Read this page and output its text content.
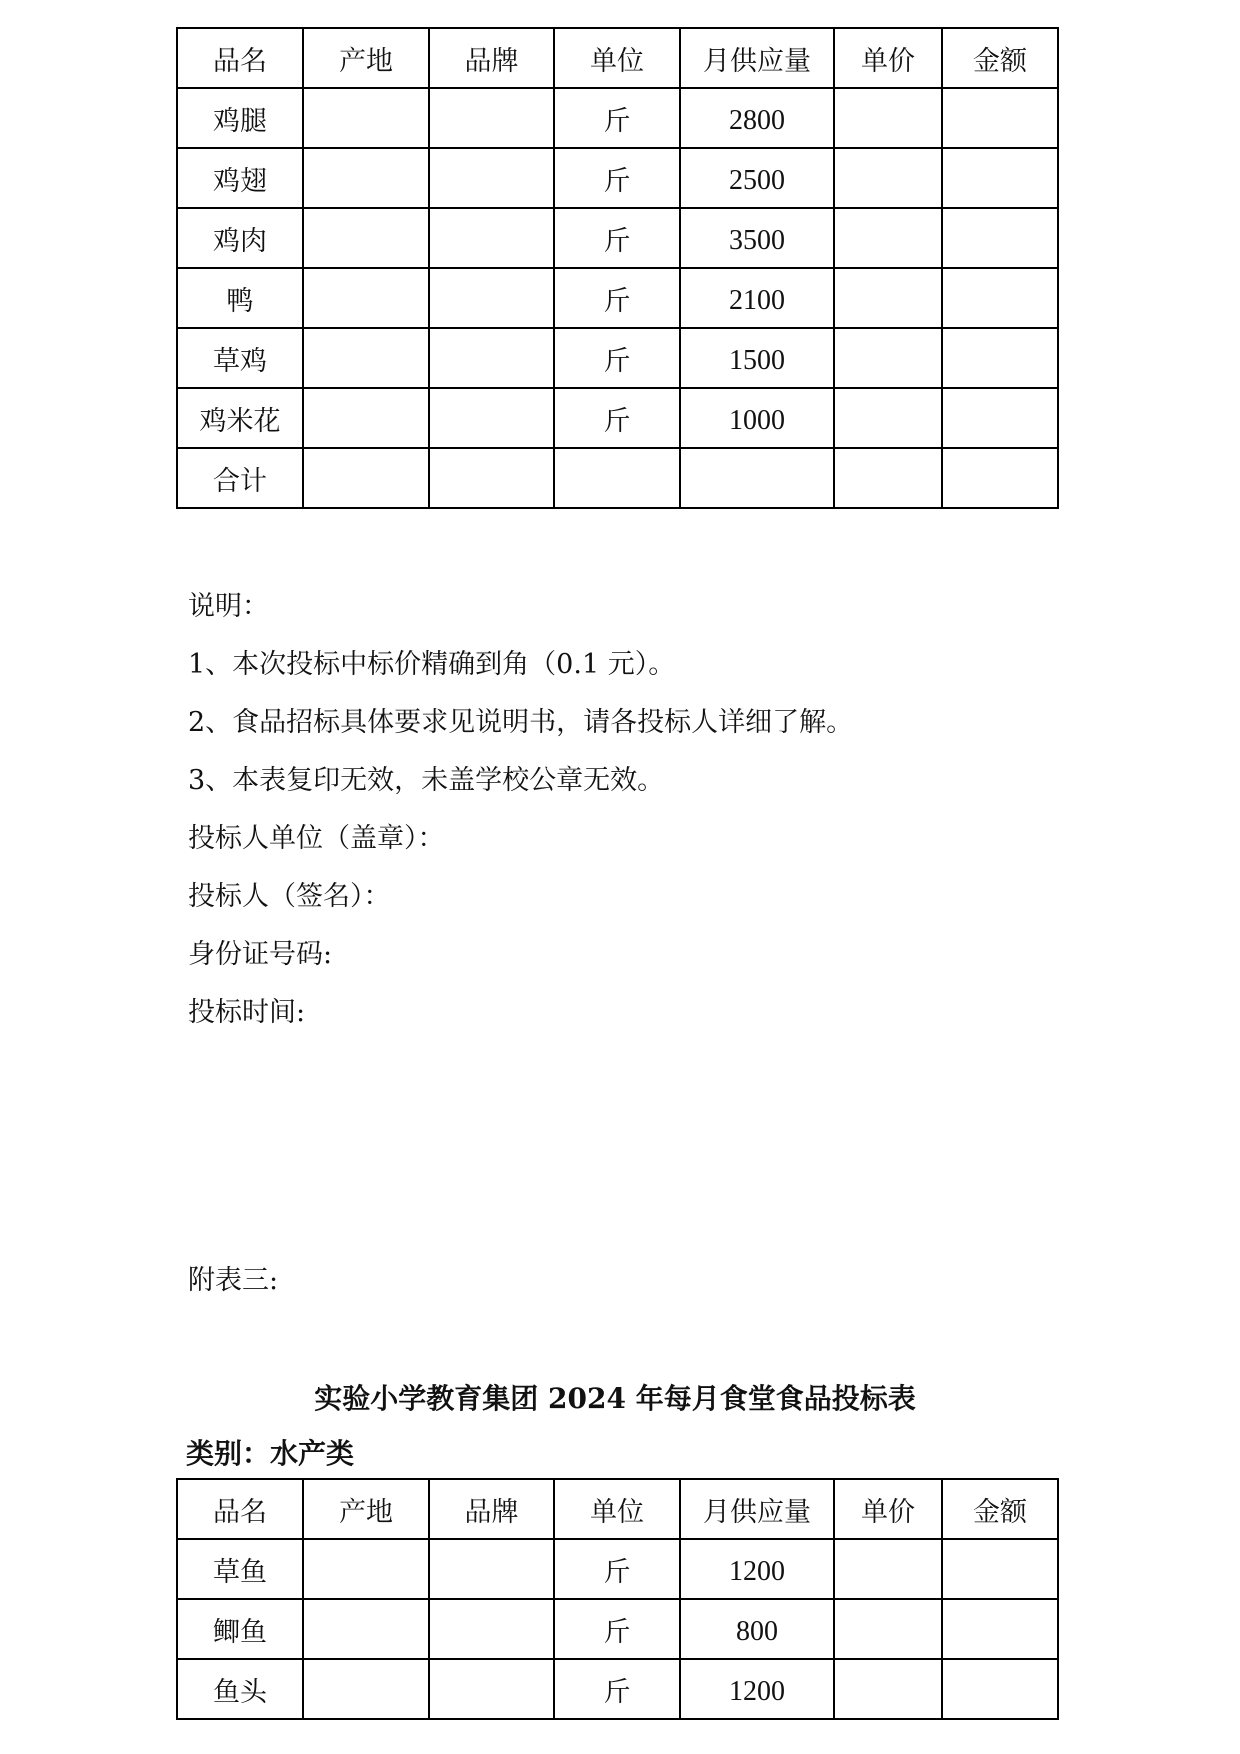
品名	产地	品牌	单位	月供应量	单价	金额
鸡腿			斤	2800		
鸡翅			斤	2500		
鸡肉			斤	3500		
鸭			斤	2100		
草鸡			斤	1500		
鸡米花			斤	1000		
合计						
说明：
1、本次投标中标价精确到角（0.1 元）。
2、食品招标具体要求见说明书，请各投标人详细了解。
3、本表复印无效，未盖学校公章无效。
投标人单位（盖章）：
投标人（签名）：
身份证号码:
投标时间:
附表三:
实验小学教育集团 2024 年每月食堂食品投标表
类别：水产类
品名	产地	品牌	单位	月供应量	单价	金额
草鱼			斤	1200		
鲫鱼			斤	800		
鱼头			斤	1200		
